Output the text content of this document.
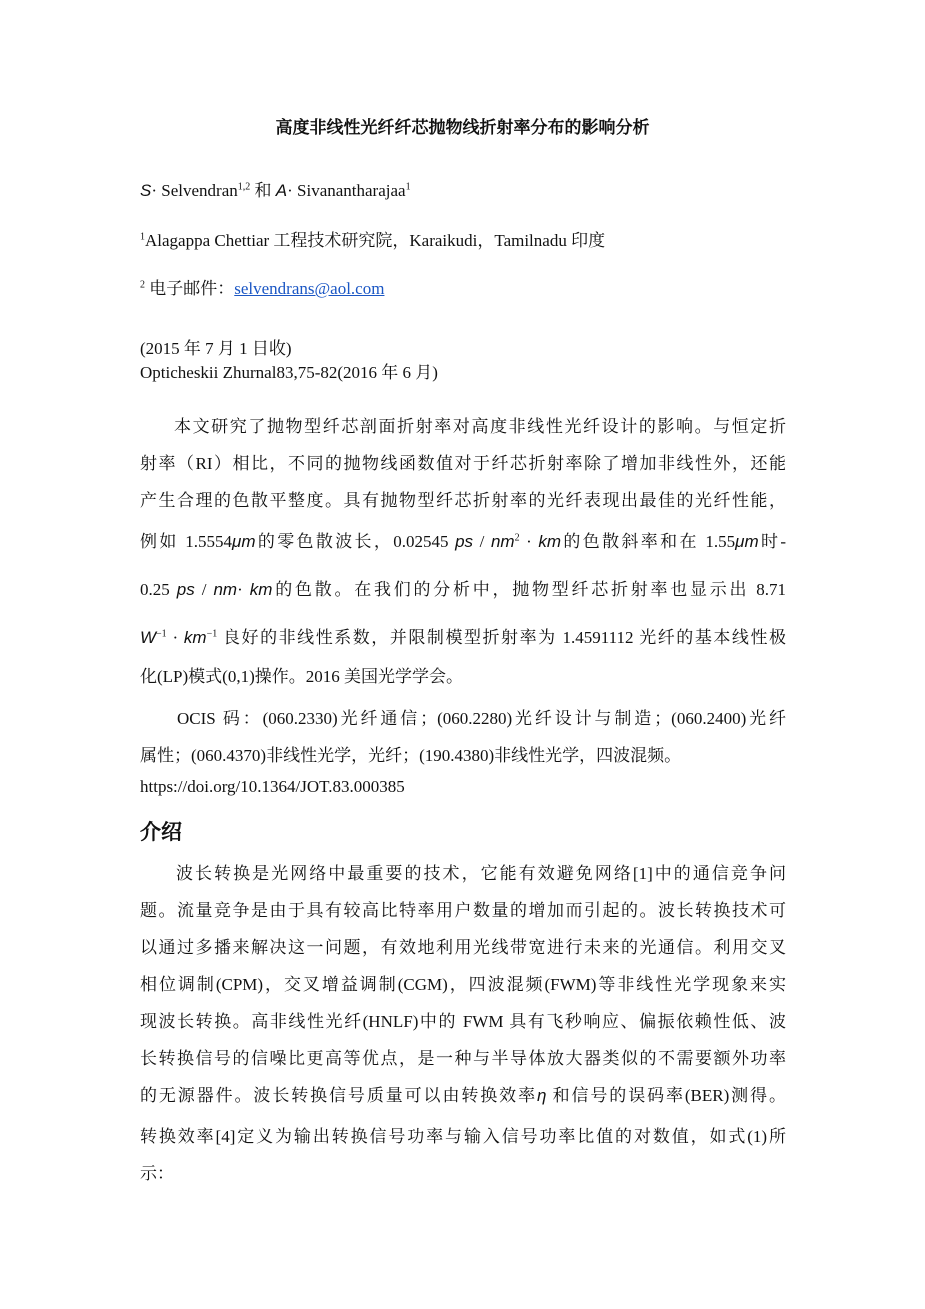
高度非线性光纤纤芯抛物线折射率分布的影响分析
S· Selvendran$^{1,2}$ 和 A· Sivanantharajaa$^1$
$^1$Alagappa Chettiar 工程技术研究院，Karaikudi，Tamilnadu 印度
$^2$ 电子邮件：selvendrans@aol.com
(2015 年 7 月 1 日收)
Opticheskii Zhurnal83,75-82(2016 年 6 月)
本文研究了抛物型纤芯剖面折射率对高度非线性光纤设计的影响。与恒定折
射率（RI）相比，不同的抛物线函数值对于纤芯折射率除了增加非线性外，还能
产生合理的色散平整度。具有抛物型纤芯折射率的光纤表现出最佳的光纤性能，
例如 1.5554μm的零色散波长，0.02545 ps / $nm^2$ · km的色散斜率和在 1.55μm时-
0.25 ps / nm· km的色散。在我们的分析中，抛物型纤芯折射率也显示出 8.71
$W^{-1} \cdot km^{-1}$ 良好的非线性系数，并限制模型折射率为 1.4591112 光纤的基本线性极
化(LP)模式(0,1)操作。2016 美国光学学会。
OCIS 码：(060.2330)光纤通信；(060.2280)光纤设计与制造；(060.2400)光纤
属性；(060.4370)非线性光学，光纤；(190.4380)非线性光学，四波混频。
https://doi.org/10.1364/JOT.83.000385
介绍
波长转换是光网络中最重要的技术，它能有效避免网络[1]中的通信竞争问
题。流量竞争是由于具有较高比特率用户数量的增加而引起的。波长转换技术可
以通过多播来解决这一问题，有效地利用光线带宽进行未来的光通信。利用交叉
相位调制(CPM)，交叉增益调制(CGM)，四波混频(FWM)等非线性光学现象来实
现波长转换。高非线性光纤(HNLF)中的 FWM 具有飞秒响应、偏振依赖性低、波
长转换信号的信噪比更高等优点，是一种与半导体放大器类似的不需要额外功率
的无源器件。波长转换信号质量可以由转换效率η 和信号的误码率(BER)测得。
转换效率[4]定义为输出转换信号功率与输入信号功率比值的对数值，如式(1)所
示：
